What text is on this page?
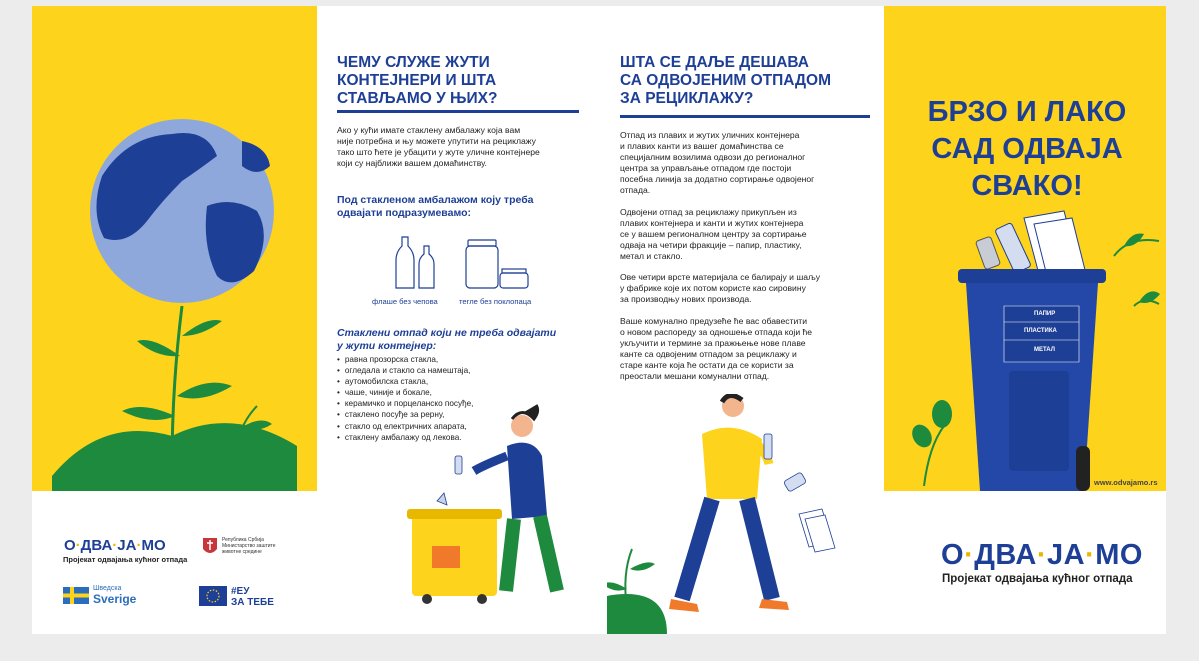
О·ДВА·ЈА·МО
Пројекат одвајања кућног отпада
Република Србија
Министарство заштите
животне средине
Шведска
Sverige
#ЕУ
ЗА ТЕБЕ
ЧЕМУ СЛУЖЕ ЖУТИ
КОНТЕЈНЕРИ И ШТА
СТАВЉАМО У ЊИХ?
Ако у кући имате стаклену амбалажу која вам
није потребна и њу можете упутити на рециклажу
тако што ћете је убацити у жуте уличне контејнере
који су најближи вашем домаћинству.
Под стакленом амбалажом коју треба
одвајати подразумевамо:
флаше без чепова	тегле без поклопаца
Стаклени отпад који не треба одвајати
у жути контејнер:
• равна прозорска стакла,
• огледала и стакло са намештаја,
• аутомобилска стакла,
• чаше, чиније и бокале,
• керамичко и порцеланско посуђе,
• стаклено посуђе за рерну,
• стакло од електричних апарата,
• стаклену амбалажу од лекова.
ШТА СЕ ДАЉЕ ДЕШАВА
СА ОДВОЈЕНИМ ОТПАДОМ
ЗА РЕЦИКЛАЖУ?
Отпад из плавих и жутих уличних контејнера
и плавих канти из вашег домаћинства се
специјалним возилима одвози до регионалног
центра за управљање отпадом где постоји
посебна линија за додатно сортирање одвојеног
отпада.
Одвојени отпад за рециклажу прикупљен из
плавих контејнера и канти и жутих контејнера
се у вашем регионалном центру за сортирање
одваја на четири фракције – папир, пластику,
метал и стакло.
Ове четири врсте материјала се балирају и шаљу
у фабрике које их потом користе као сировину
за производњу нових производа.
Ваше комунално предузеће ће вас обавестити
о новом распореду за одношење отпада који ће
укључити и термине за пражњење нове плаве
канте са одвојеним отпадом за рециклажу и
старе канте која ће остати да се користи за
преостали мешани комунални отпад.
БРЗО И ЛАКО
САД ОДВАЈА
СВАКО!
ПАПИР
ПЛАСТИКА
МЕТАЛ
www.odvajamo.rs
О·ДВА·ЈА·МО
Пројекат одвајања кућног отпада
